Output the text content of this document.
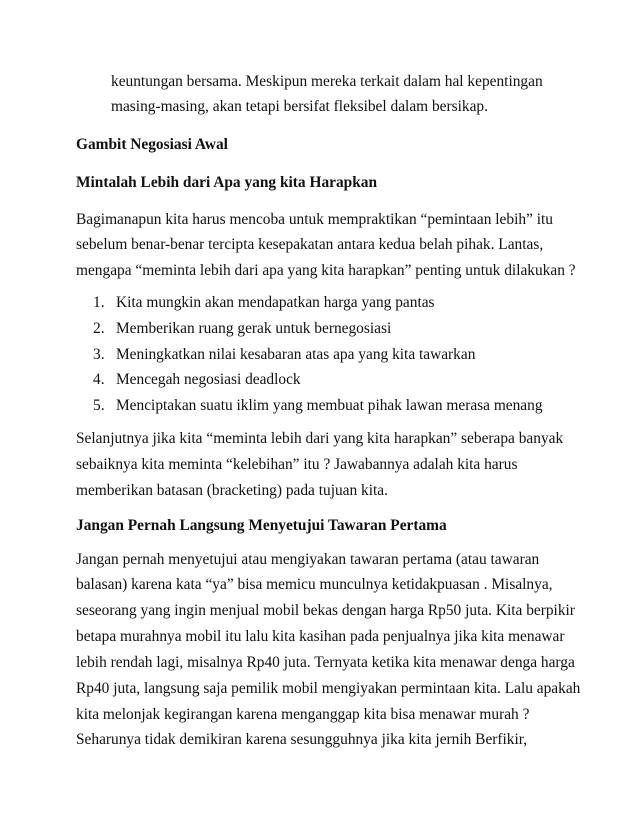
keuntungan bersama. Meskipun mereka terkait dalam hal kepentingan
masing-masing, akan tetapi bersifat fleksibel dalam bersikap.
Gambit Negosiasi Awal
Mintalah Lebih dari Apa yang kita Harapkan
Bagimanapun kita harus mencoba untuk mempraktikan “pemintaan lebih” itu
sebelum benar-benar tercipta kesepakatan antara kedua belah pihak. Lantas,
mengapa “meminta lebih dari apa yang kita harapkan” penting untuk dilakukan ?
1. Kita mungkin akan mendapatkan harga yang pantas
2. Memberikan ruang gerak untuk bernegosiasi
3. Meningkatkan nilai kesabaran atas apa yang kita tawarkan
4. Mencegah negosiasi deadlock
5. Menciptakan suatu iklim yang membuat pihak lawan merasa menang
Selanjutnya jika kita “meminta lebih dari yang kita harapkan” seberapa banyak
sebaiknya kita meminta “kelebihan” itu ? Jawabannya adalah kita harus
memberikan batasan (bracketing) pada tujuan kita.
Jangan Pernah Langsung Menyetujui Tawaran Pertama
Jangan pernah menyetujui atau mengiyakan tawaran pertama (atau tawaran
balasan) karena kata “ya” bisa memicu munculnya ketidakpuasan . Misalnya,
seseorang yang ingin menjual mobil bekas dengan harga Rp50 juta. Kita berpikir
betapa murahnya mobil itu lalu kita kasihan pada penjualnya jika kita menawar
lebih rendah lagi, misalnya Rp40 juta. Ternyata ketika kita menawar denga harga
Rp40 juta, langsung saja pemilik mobil mengiyakan permintaan kita. Lalu apakah
kita melonjak kegirangan karena menganggap kita bisa menawar murah ?
Seharunya tidak demikiran karena sesungguhnya jika kita jernih Berfikir,
